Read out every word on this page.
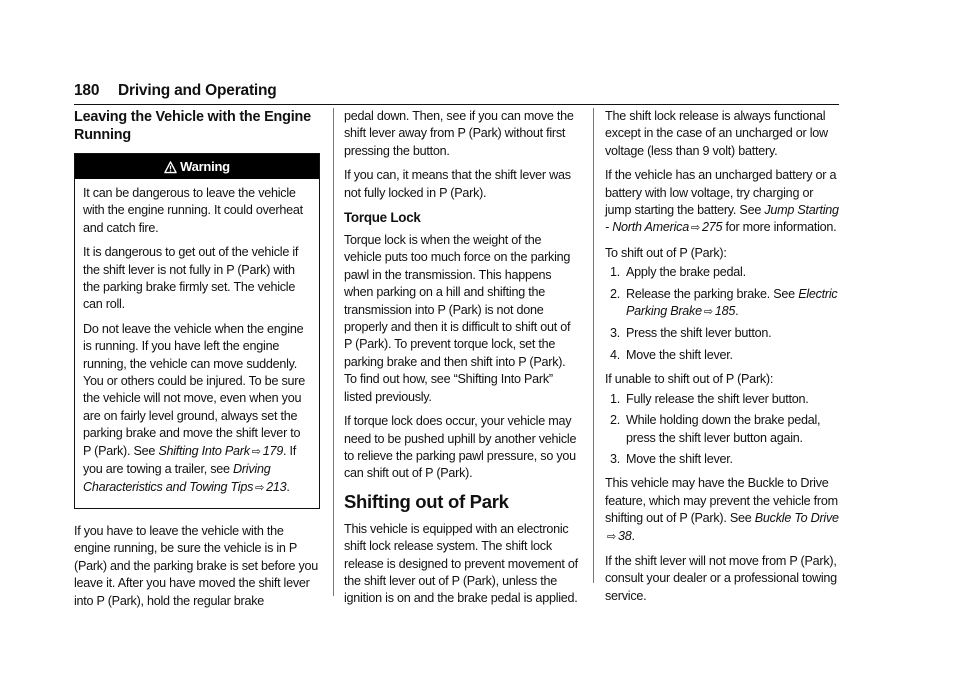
180 Driving and Operating
Leaving the Vehicle with the Engine Running
Warning

It can be dangerous to leave the vehicle with the engine running. It could overheat and catch fire.

It is dangerous to get out of the vehicle if the shift lever is not fully in P (Park) with the parking brake firmly set. The vehicle can roll.

Do not leave the vehicle when the engine is running. If you have left the engine running, the vehicle can move suddenly. You or others could be injured. To be sure the vehicle will not move, even when you are on fairly level ground, always set the parking brake and move the shift lever to P (Park). See Shifting Into Park ⇨ 179. If you are towing a trailer, see Driving Characteristics and Towing Tips ⇨ 213.

If you have to leave the vehicle with the engine running, be sure the vehicle is in P (Park) and the parking brake is set before you leave it. After you have moved the shift lever into P (Park), hold the regular brake

pedal down. Then, see if you can move the shift lever away from P (Park) without first pressing the button.

If you can, it means that the shift lever was not fully locked in P (Park).

Torque Lock

Torque lock is when the weight of the vehicle puts too much force on the parking pawl in the transmission. This happens when parking on a hill and shifting the transmission into P (Park) is not done properly and then it is difficult to shift out of P (Park). To prevent torque lock, set the parking brake and then shift into P (Park). To find out how, see “Shifting Into Park” listed previously.

If torque lock does occur, your vehicle may need to be pushed uphill by another vehicle to relieve the parking pawl pressure, so you can shift out of P (Park).

Shifting out of Park

This vehicle is equipped with an electronic shift lock release system. The shift lock release is designed to prevent movement of the shift lever out of P (Park), unless the ignition is on and the brake pedal is applied.

The shift lock release is always functional except in the case of an uncharged or low voltage (less than 9 volt) battery.

If the vehicle has an uncharged battery or a battery with low voltage, try charging or jump starting the battery. See Jump Starting - North America ⇨ 275 for more information.

To shift out of P (Park):

1. Apply the brake pedal.
2. Release the parking brake. See Electric Parking Brake ⇨ 185.
3. Press the shift lever button.
4. Move the shift lever.

If unable to shift out of P (Park):

1. Fully release the shift lever button.
2. While holding down the brake pedal, press the shift lever button again.
3. Move the shift lever.

This vehicle may have the Buckle to Drive feature, which may prevent the vehicle from shifting out of P (Park). See Buckle To Drive ⇨ 38.

If the shift lever will not move from P (Park), consult your dealer or a professional towing service.
